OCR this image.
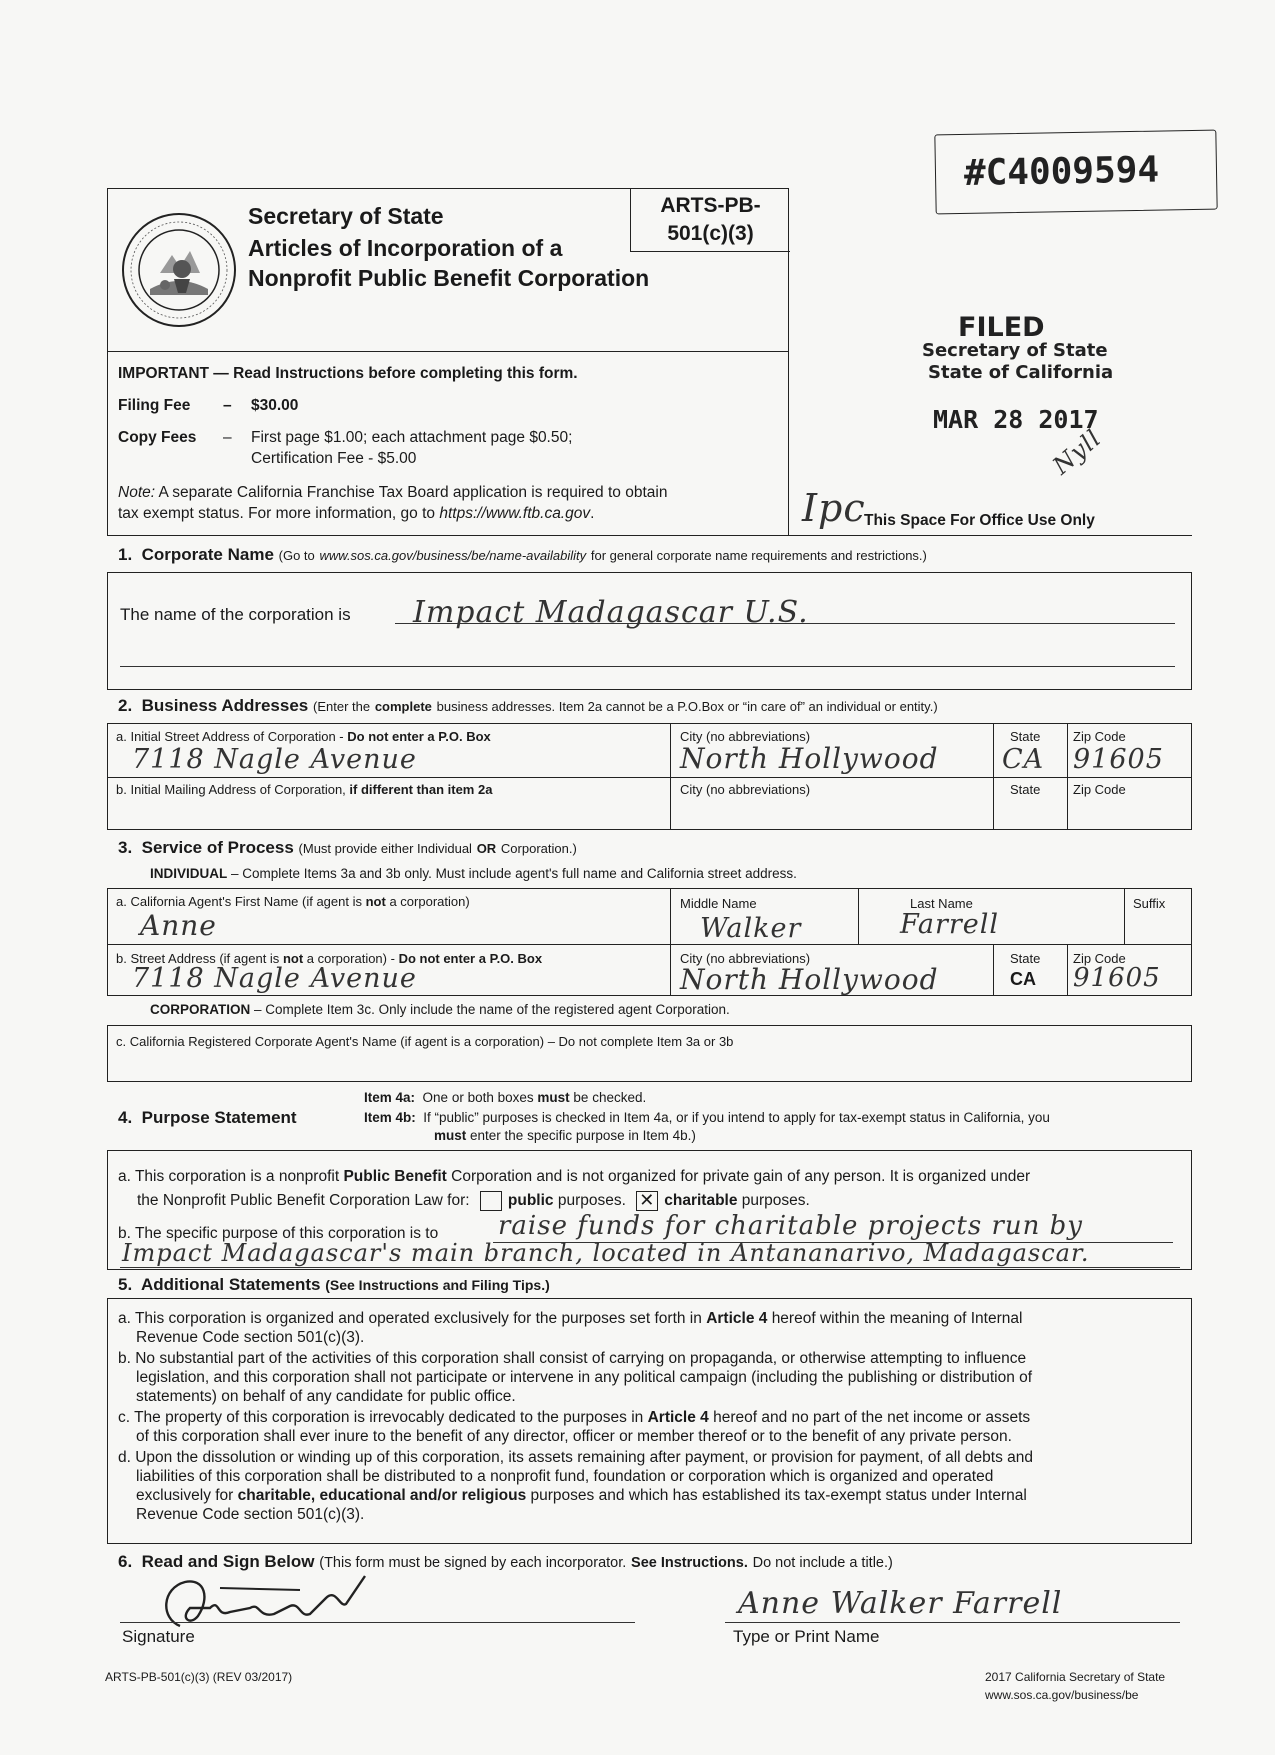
#C4009594
ARTS-PB-
501(c)(3)
Secretary of State
Articles of Incorporation of a
Nonprofit Public Benefit Corporation
IMPORTANT — Read Instructions before completing this form.
Filing Fee – $30.00
Copy Fees – First page $1.00; each attachment page $0.50;
Certification Fee - $5.00
Note: A separate California Franchise Tax Board application is required to obtain
tax exempt status. For more information, go to https://www.ftb.ca.gov.
FILED
Secretary of State
State of California
MAR 28 2017
Nyll
Ipc
This Space For Office Use Only
1. Corporate Name (Go to www.sos.ca.gov/business/be/name-availability for general corporate name requirements and restrictions.)
The name of the corporation is Impact Madagascar U.S.
2. Business Addresses (Enter the complete business addresses. Item 2a cannot be a P.O.Box or “in care of” an individual or entity.)
a. Initial Street Address of Corporation - Do not enter a P.O. Box	City (no abbreviations)	State	Zip Code
7118 Nagle Avenue	North Hollywood CA 91605
b. Initial Mailing Address of Corporation, if different than item 2a	City (no abbreviations)	State	Zip Code
3. Service of Process (Must provide either Individual OR Corporation.)
INDIVIDUAL – Complete Items 3a and 3b only. Must include agent's full name and California street address.
a. California Agent's First Name (if agent is not a corporation)	Middle Name	Last Name	Suffix
Anne	Walker	Farrell
b. Street Address (if agent is not a corporation) - Do not enter a P.O. Box	City (no abbreviations)	State	Zip Code
7118 Nagle Avenue	North Hollywood	CA 91605
CORPORATION – Complete Item 3c. Only include the name of the registered agent Corporation.
c. California Registered Corporate Agent's Name (if agent is a corporation) – Do not complete Item 3a or 3b
4. Purpose Statement
Item 4a: One or both boxes must be checked.
Item 4b: If “public” purposes is checked in Item 4a, or if you intend to apply for tax-exempt status in California, you
must enter the specific purpose in Item 4b.)
a. This corporation is a nonprofit Public Benefit Corporation and is not organized for private gain of any person. It is organized under
the Nonprofit Public Benefit Corporation Law for: public purposes. ✕ charitable purposes.
b. The specific purpose of this corporation is to raise funds for charitable projects run by
Impact Madagascar's main branch, located in Antananarivo, Madagascar.
5. Additional Statements (See Instructions and Filing Tips.)
a. This corporation is organized and operated exclusively for the purposes set forth in Article 4 hereof within the meaning of Internal
Revenue Code section 501(c)(3).
b. No substantial part of the activities of this corporation shall consist of carrying on propaganda, or otherwise attempting to influence
legislation, and this corporation shall not participate or intervene in any political campaign (including the publishing or distribution of
statements) on behalf of any candidate for public office.
c. The property of this corporation is irrevocably dedicated to the purposes in Article 4 hereof and no part of the net income or assets
of this corporation shall ever inure to the benefit of any director, officer or member thereof or to the benefit of any private person.
d. Upon the dissolution or winding up of this corporation, its assets remaining after payment, or provision for payment, of all debts and
liabilities of this corporation shall be distributed to a nonprofit fund, foundation or corporation which is organized and operated
exclusively for charitable, educational and/or religious purposes and which has established its tax-exempt status under Internal
Revenue Code section 501(c)(3).
6. Read and Sign Below (This form must be signed by each incorporator. See Instructions. Do not include a title.)
Signature
Anne Walker Farrell
Type or Print Name
ARTS-PB-501(c)(3) (REV 03/2017)	2017 California Secretary of State
www.sos.ca.gov/business/be
